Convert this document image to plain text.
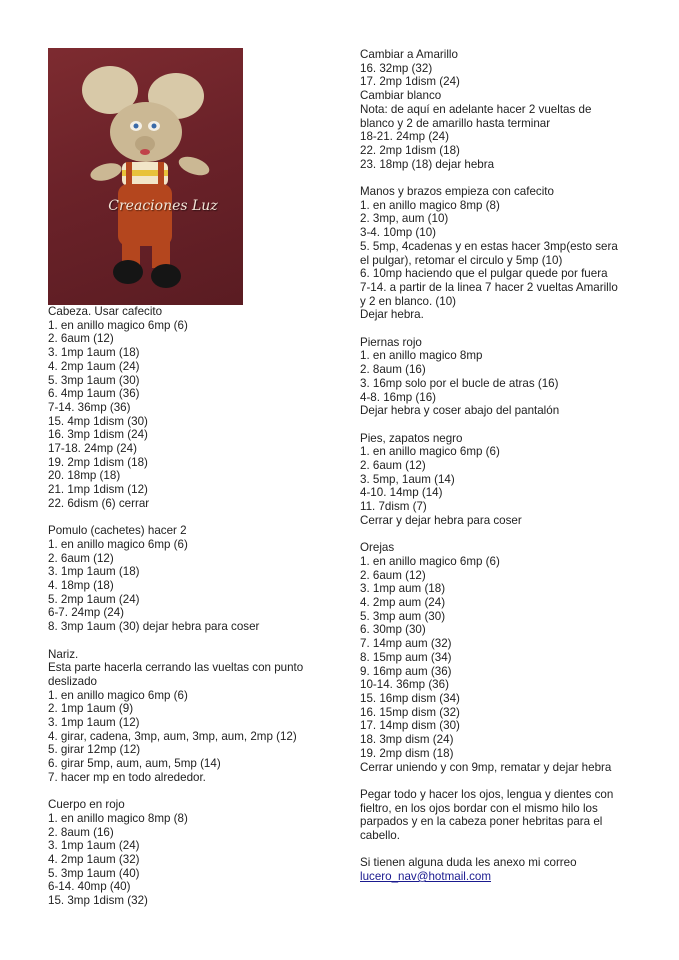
Creaciones Luz
Cabeza. Usar cafecito
1. en anillo magico 6mp (6)
2. 6aum (12)
3. 1mp 1aum (18)
4. 2mp 1aum (24)
5. 3mp 1aum (30)
6. 4mp 1aum (36)
7-14. 36mp (36)
15. 4mp 1dism (30)
16. 3mp 1dism (24)
17-18. 24mp (24)
19. 2mp 1dism (18)
20. 18mp (18)
21. 1mp 1dism (12)
22. 6dism (6) cerrar
Pomulo (cachetes) hacer 2
1. en anillo magico 6mp (6)
2. 6aum (12)
3. 1mp 1aum (18)
4. 18mp (18)
5. 2mp 1aum (24)
6-7. 24mp (24)
8. 3mp 1aum (30) dejar hebra para coser
Nariz.
Esta parte hacerla cerrando las vueltas con punto
deslizado
1. en anillo magico 6mp (6)
2. 1mp 1aum (9)
3. 1mp 1aum (12)
4. girar, cadena, 3mp, aum, 3mp, aum, 2mp (12)
5. girar 12mp (12)
6. girar 5mp, aum, aum, 5mp (14)
7. hacer mp en todo alrededor.
Cuerpo en rojo
1. en anillo magico 8mp (8)
2. 8aum (16)
3. 1mp 1aum (24)
4. 2mp 1aum (32)
5. 3mp 1aum (40)
6-14. 40mp (40)
15. 3mp 1dism (32)
Cambiar a Amarillo
16. 32mp (32)
17. 2mp 1dism (24)
Cambiar blanco
Nota: de aquí en adelante hacer 2 vueltas de
blanco y 2 de amarillo hasta terminar
18-21. 24mp (24)
22. 2mp 1dism (18)
23. 18mp (18) dejar hebra
Manos y brazos empieza con cafecito
1. en anillo magico 8mp (8)
2. 3mp, aum (10)
3-4. 10mp (10)
5. 5mp, 4cadenas y en estas hacer 3mp(esto sera
el pulgar), retomar el circulo y 5mp (10)
6. 10mp haciendo que el pulgar quede por fuera
7-14. a partir de la linea 7 hacer 2 vueltas Amarillo
y 2 en blanco. (10)
Dejar hebra.
Piernas rojo
1. en anillo magico 8mp
2. 8aum (16)
3. 16mp solo por el bucle de atras (16)
4-8. 16mp (16)
Dejar hebra y coser abajo del pantalón
Pies, zapatos negro
1. en anillo magico 6mp (6)
2. 6aum (12)
3. 5mp, 1aum (14)
4-10. 14mp (14)
11. 7dism (7)
Cerrar y dejar hebra para coser
Orejas
1. en anillo magico 6mp (6)
2. 6aum (12)
3. 1mp aum (18)
4. 2mp aum (24)
5. 3mp aum (30)
6. 30mp (30)
7. 14mp aum (32)
8. 15mp aum (34)
9. 16mp aum (36)
10-14. 36mp (36)
15. 16mp dism (34)
16. 15mp dism (32)
17. 14mp dism (30)
18. 3mp dism (24)
19. 2mp dism (18)
Cerrar uniendo y con 9mp, rematar y dejar hebra
Pegar todo y hacer los ojos, lengua y dientes con
fieltro, en los ojos bordar con el mismo hilo los
parpados y en la cabeza poner hebritas para el
cabello.
Si tienen alguna duda les anexo mi correo
lucero_nav@hotmail.com
